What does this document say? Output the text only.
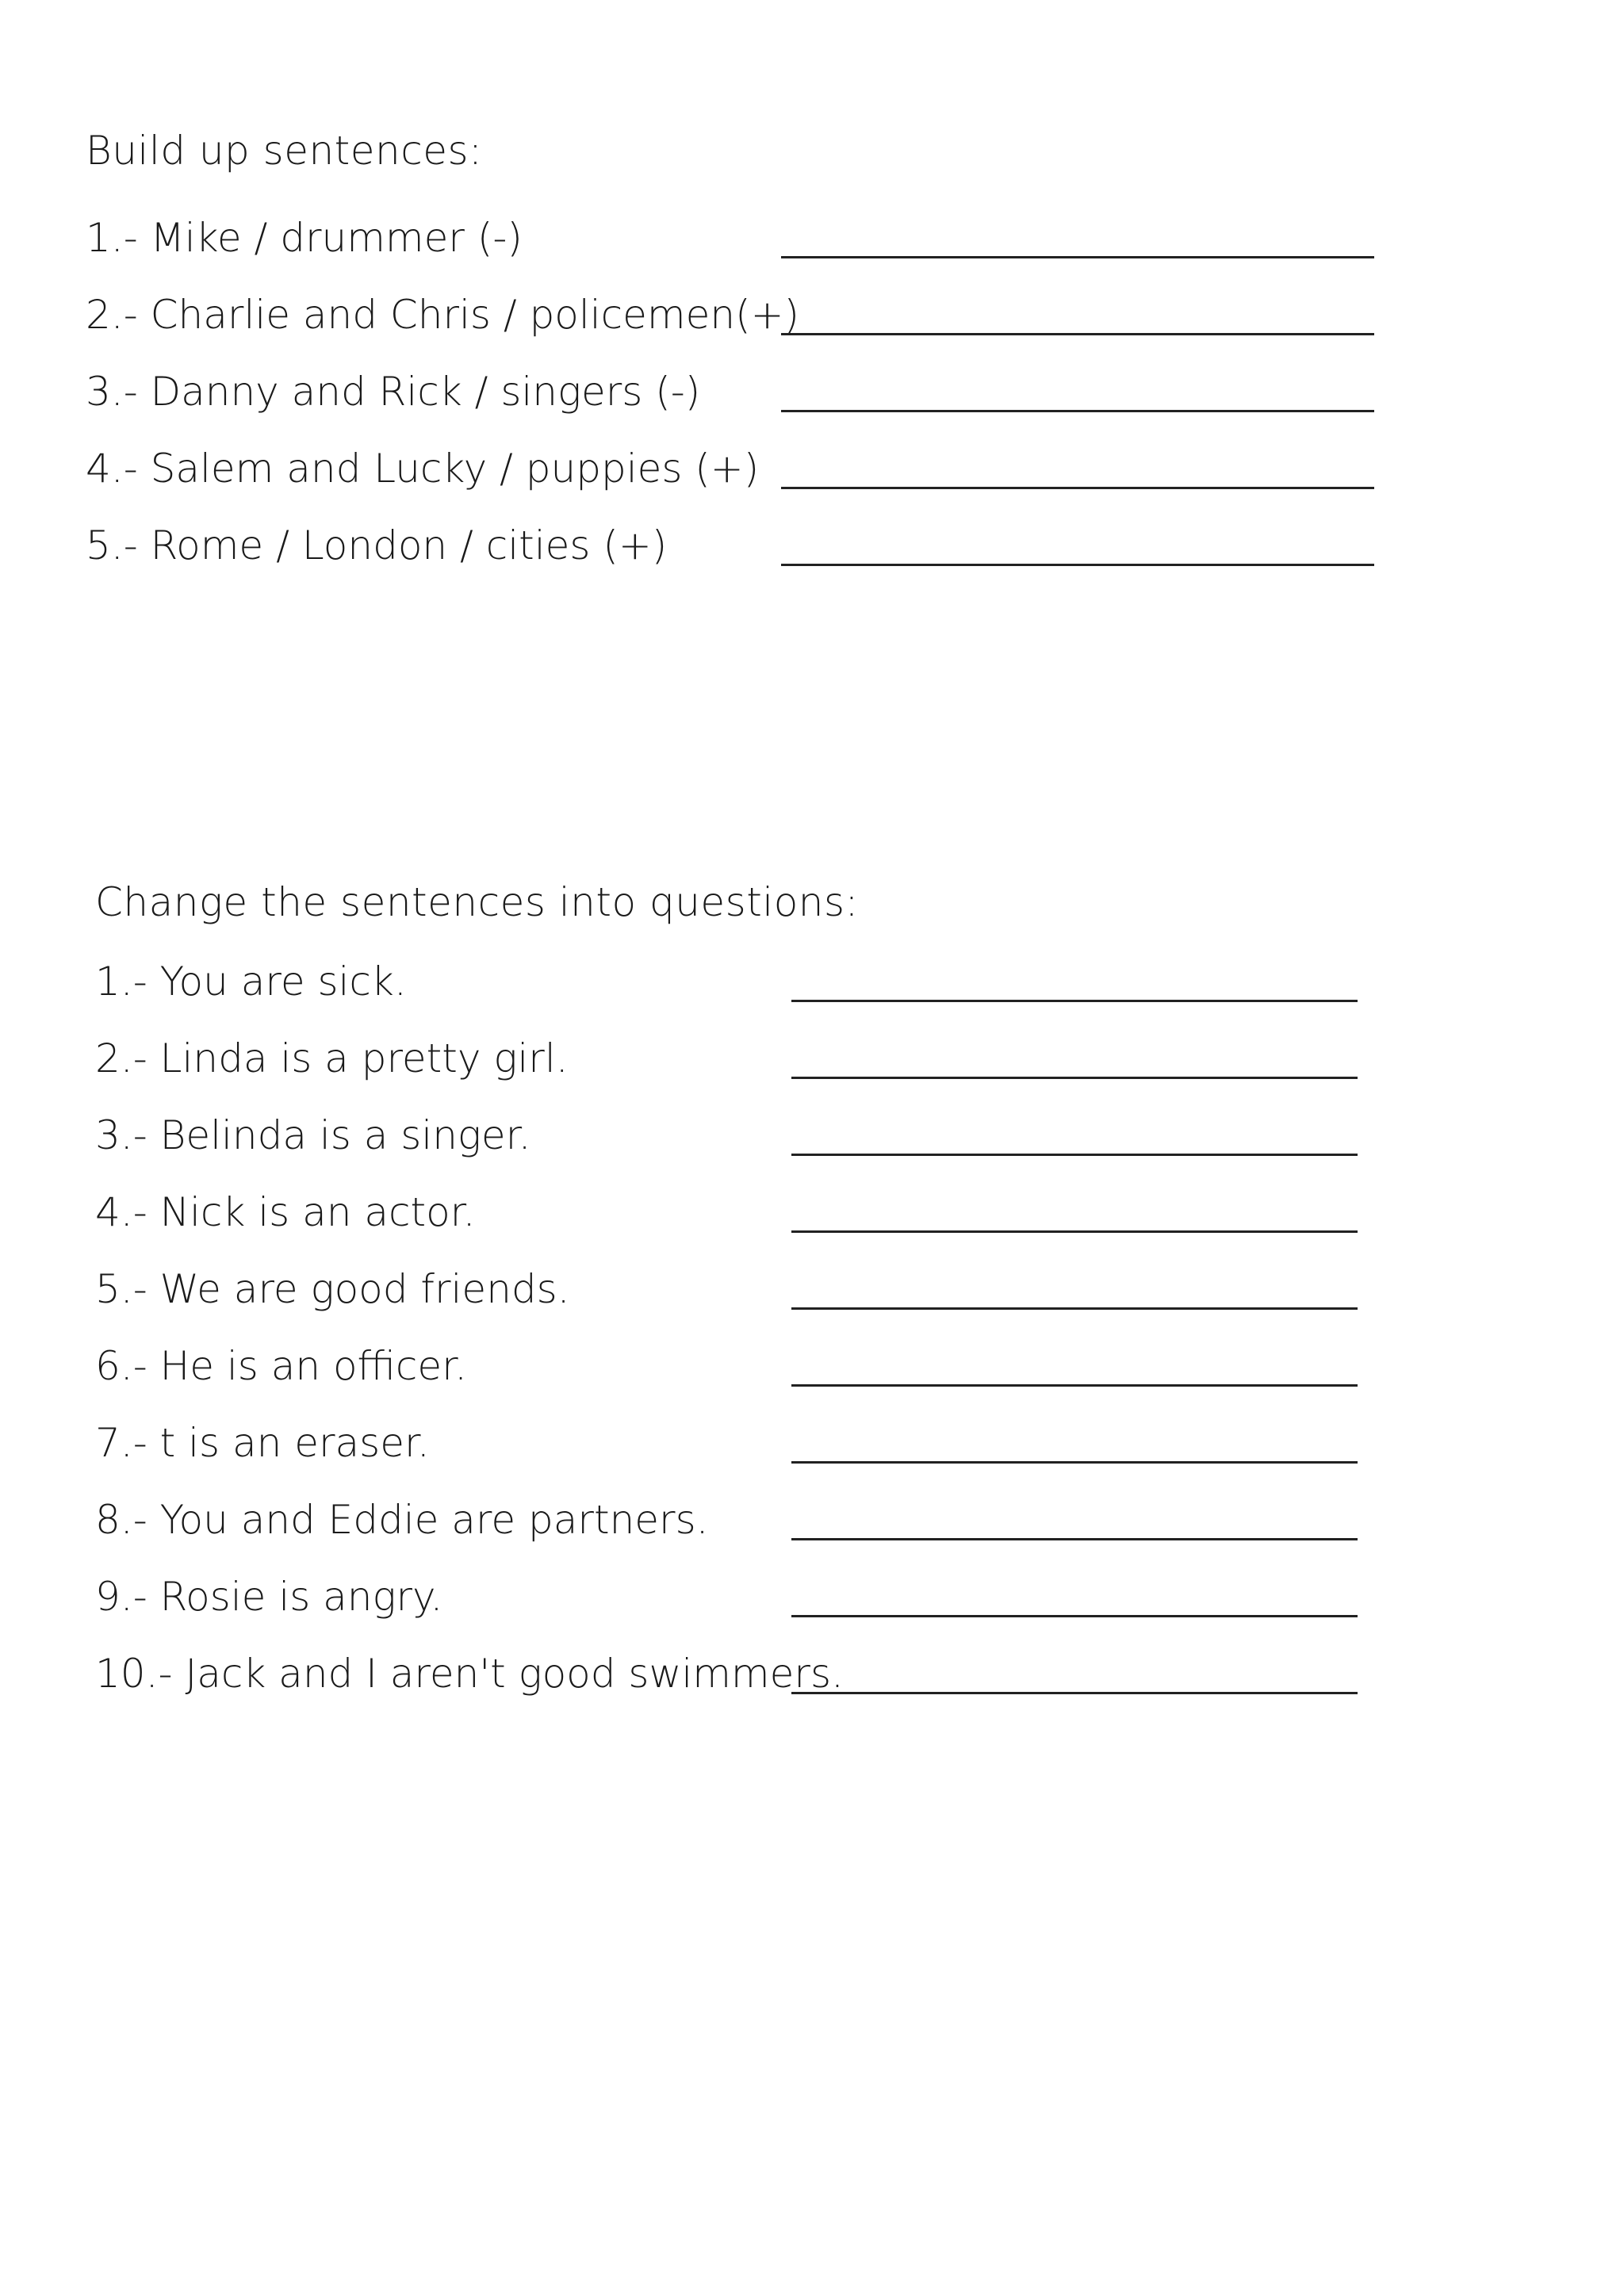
Build up sentences:
1.- Mike / drummer (-)
2.- Charlie and Chris / policemen(+)
3.- Danny and Rick / singers (-)
4.- Salem and Lucky / puppies (+)
5.- Rome / London / cities (+)
Change the sentences into questions:
1.- You are sick.
2.- Linda is a pretty girl.
3.- Belinda is a singer.
4.- Nick is an actor.
5.- We are good friends.
6.- He is an officer.
7.- t is an eraser.
8.- You and Eddie are partners.
9.- Rosie is angry.
10.- Jack and I aren't good swimmers.
